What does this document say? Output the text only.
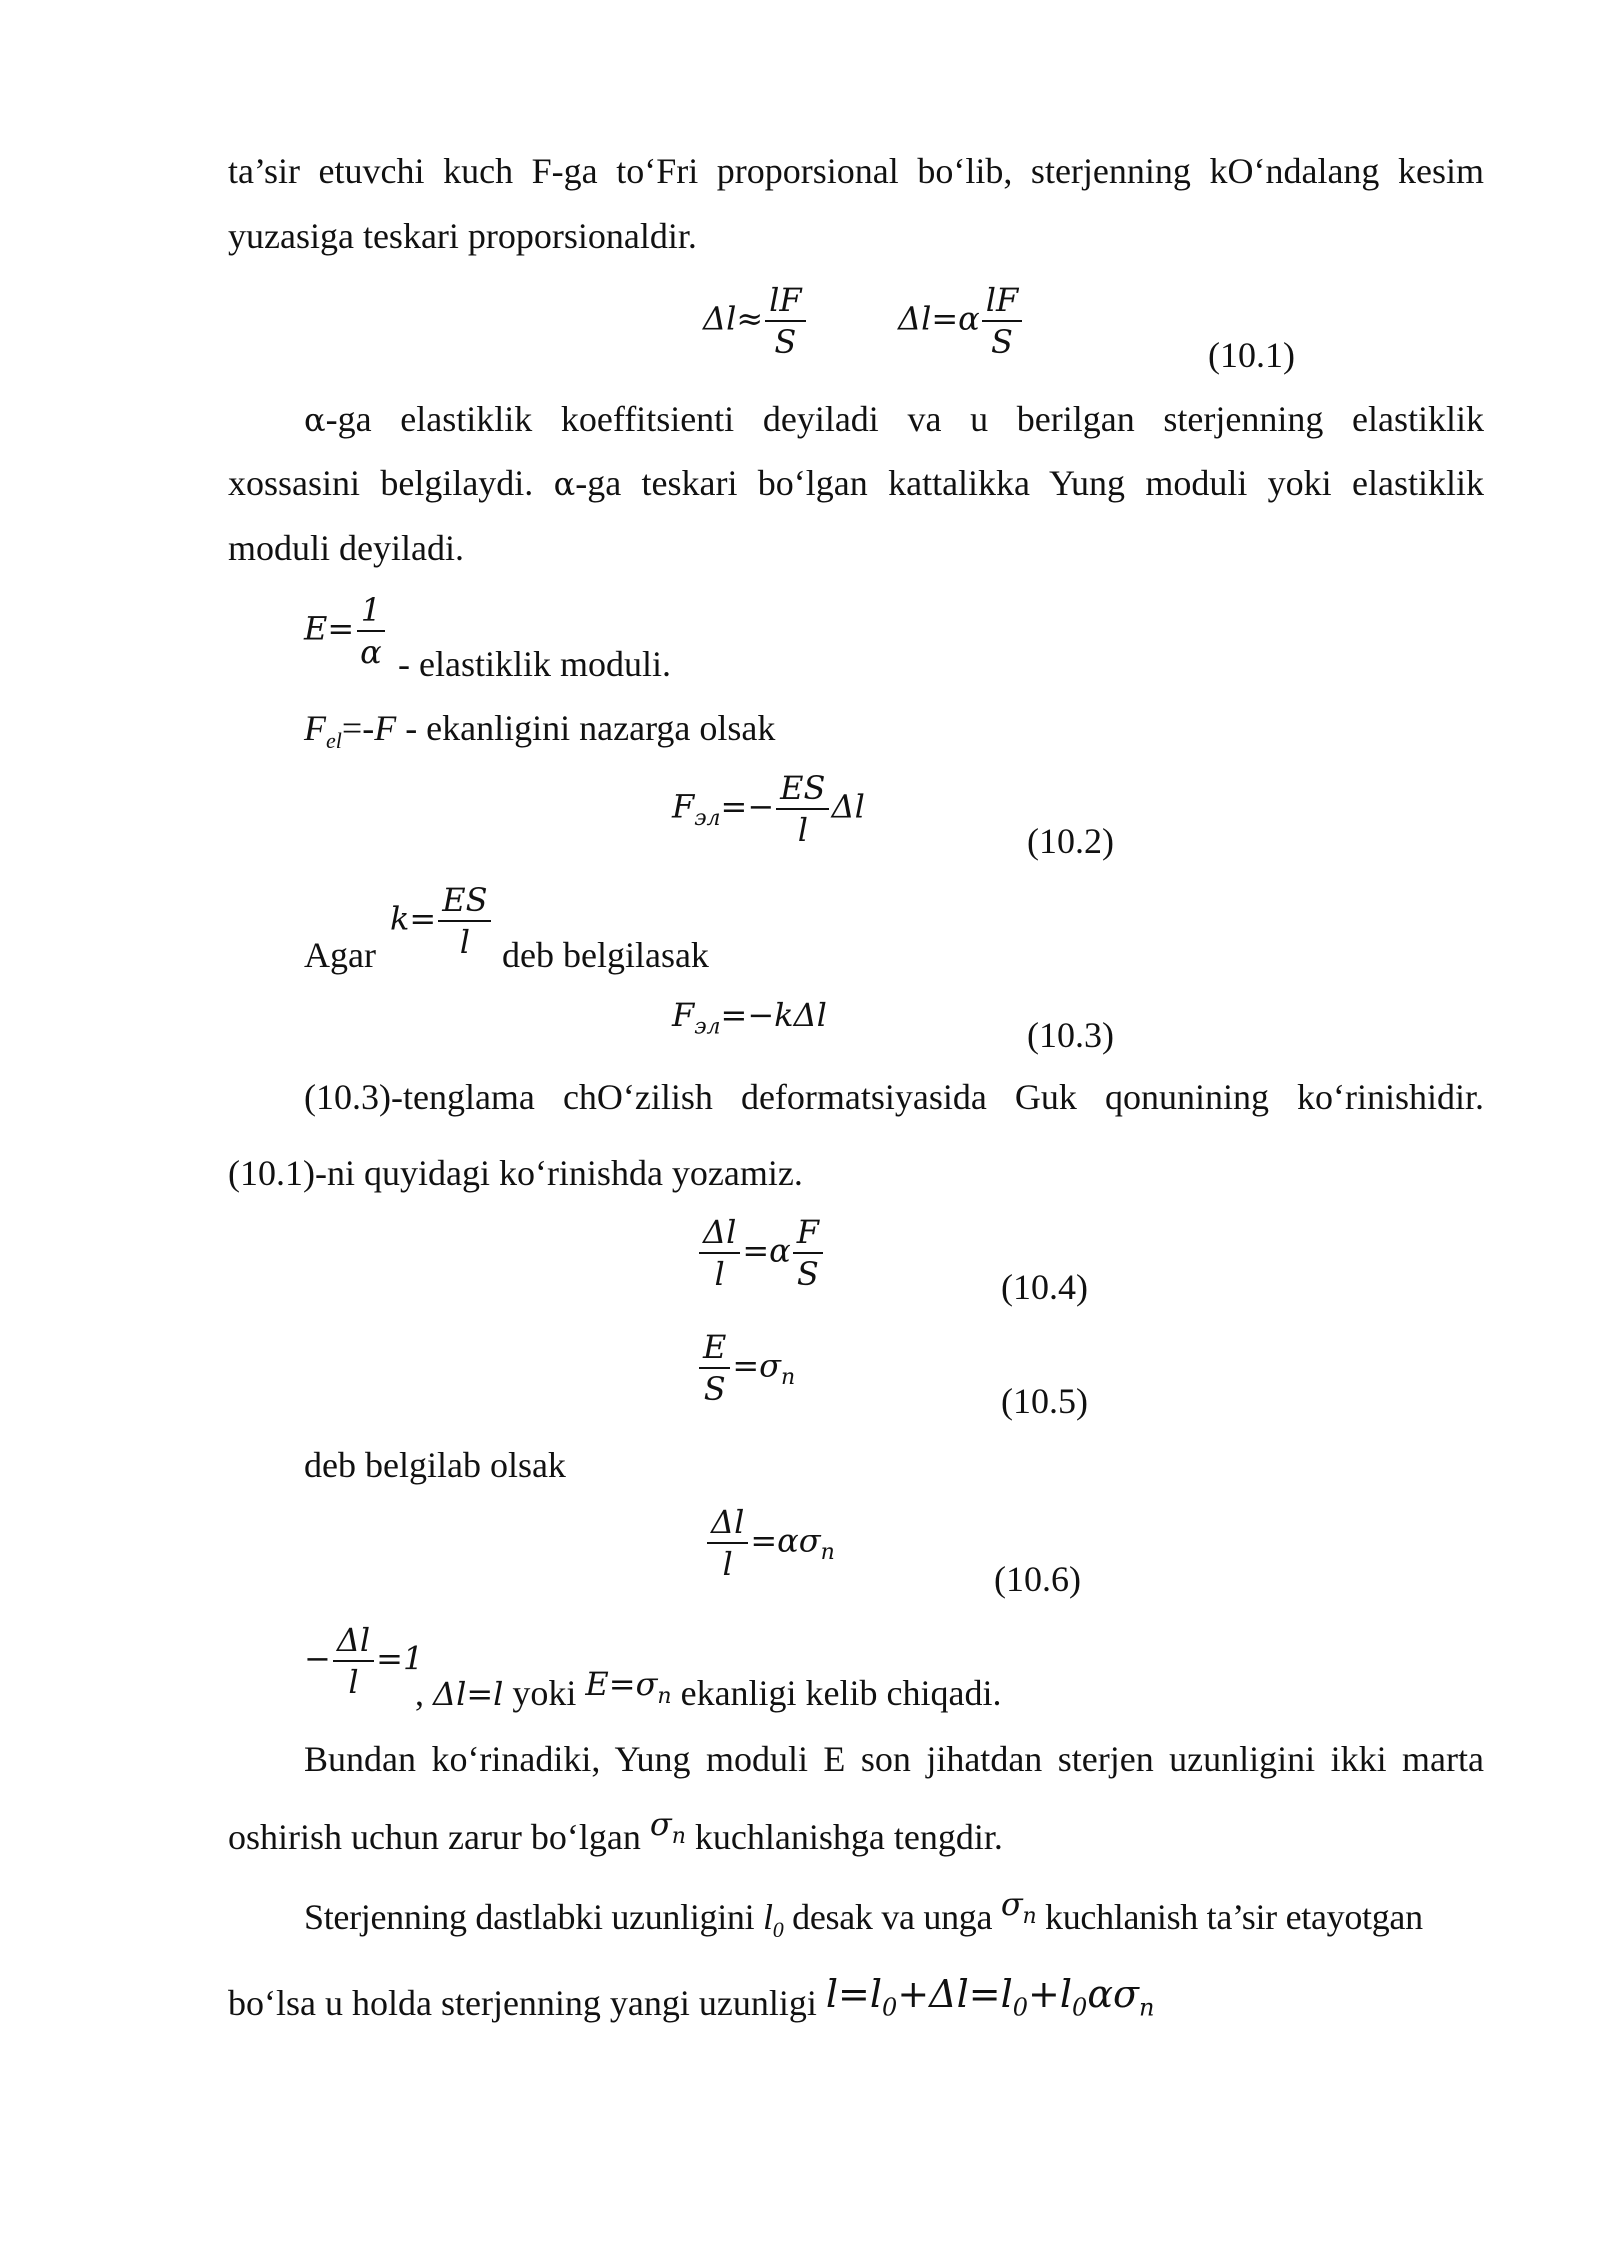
ta’sir etuvchi kuch F-ga to‘Fri proporsional bo‘lib, sterjenning kO‘ndalang kesim
yuzasiga teskari proporsionaldir.
$\Delta l\approx \frac{lF}{S}$	$\Delta l=\alpha \frac{lF}{S}$	(10.1)
α-ga elastiklik koeffitsienti deyiladi va u berilgan sterjenning elastiklik
xossasini belgilaydi. α-ga teskari bo‘lgan kattalikka Yung moduli yoki elastiklik
moduli deyiladi.
$E= \frac{1}{\alpha}$ - elastiklik moduli.
$F_{el}=-F$ - ekanligini nazarga olsak
$F_{эл}=- \frac{ES}{l}$ Δl
(10.2)
Agar
$k= \frac{ES}{l}$ deb belgilasak
$F_{эл}=-k\Delta l$	(10.3)
(10.3)-tenglama chO‘zilish deformatsiyasida Guk qonunining ko‘rinishidir.
(10.1)-ni quyidagi ko‘rinishda yozamiz.
$\frac{\Delta l}{l} =\alpha \frac{F}{S}$	(10.4)
$\frac{E}{S} =\sigma_n$
(10.5)
deb belgilab olsak
$\frac{\Delta l}{l} =\alpha\sigma_n$
(10.6)
− $\frac{\Delta l}{l} =1$
, Δl=l yoki $E=\sigma_n$ ekanligi kelib chiqadi.
Bundan ko‘rinadiki, Yung moduli E son jihatdan sterjen uzunligini ikki marta
oshirish uchun zarur bo‘lgan $\sigma_n$ kuchlanishga tengdir.
Sterjenning dastlabki uzunligini $l_0$ desak va unga $\sigma_n$ kuchlanish ta’sir etayotgan
bo‘lsa u holda sterjenning yangi uzunligi $l=l_0+\Delta l=l_0+l_0\alpha\sigma_n$
